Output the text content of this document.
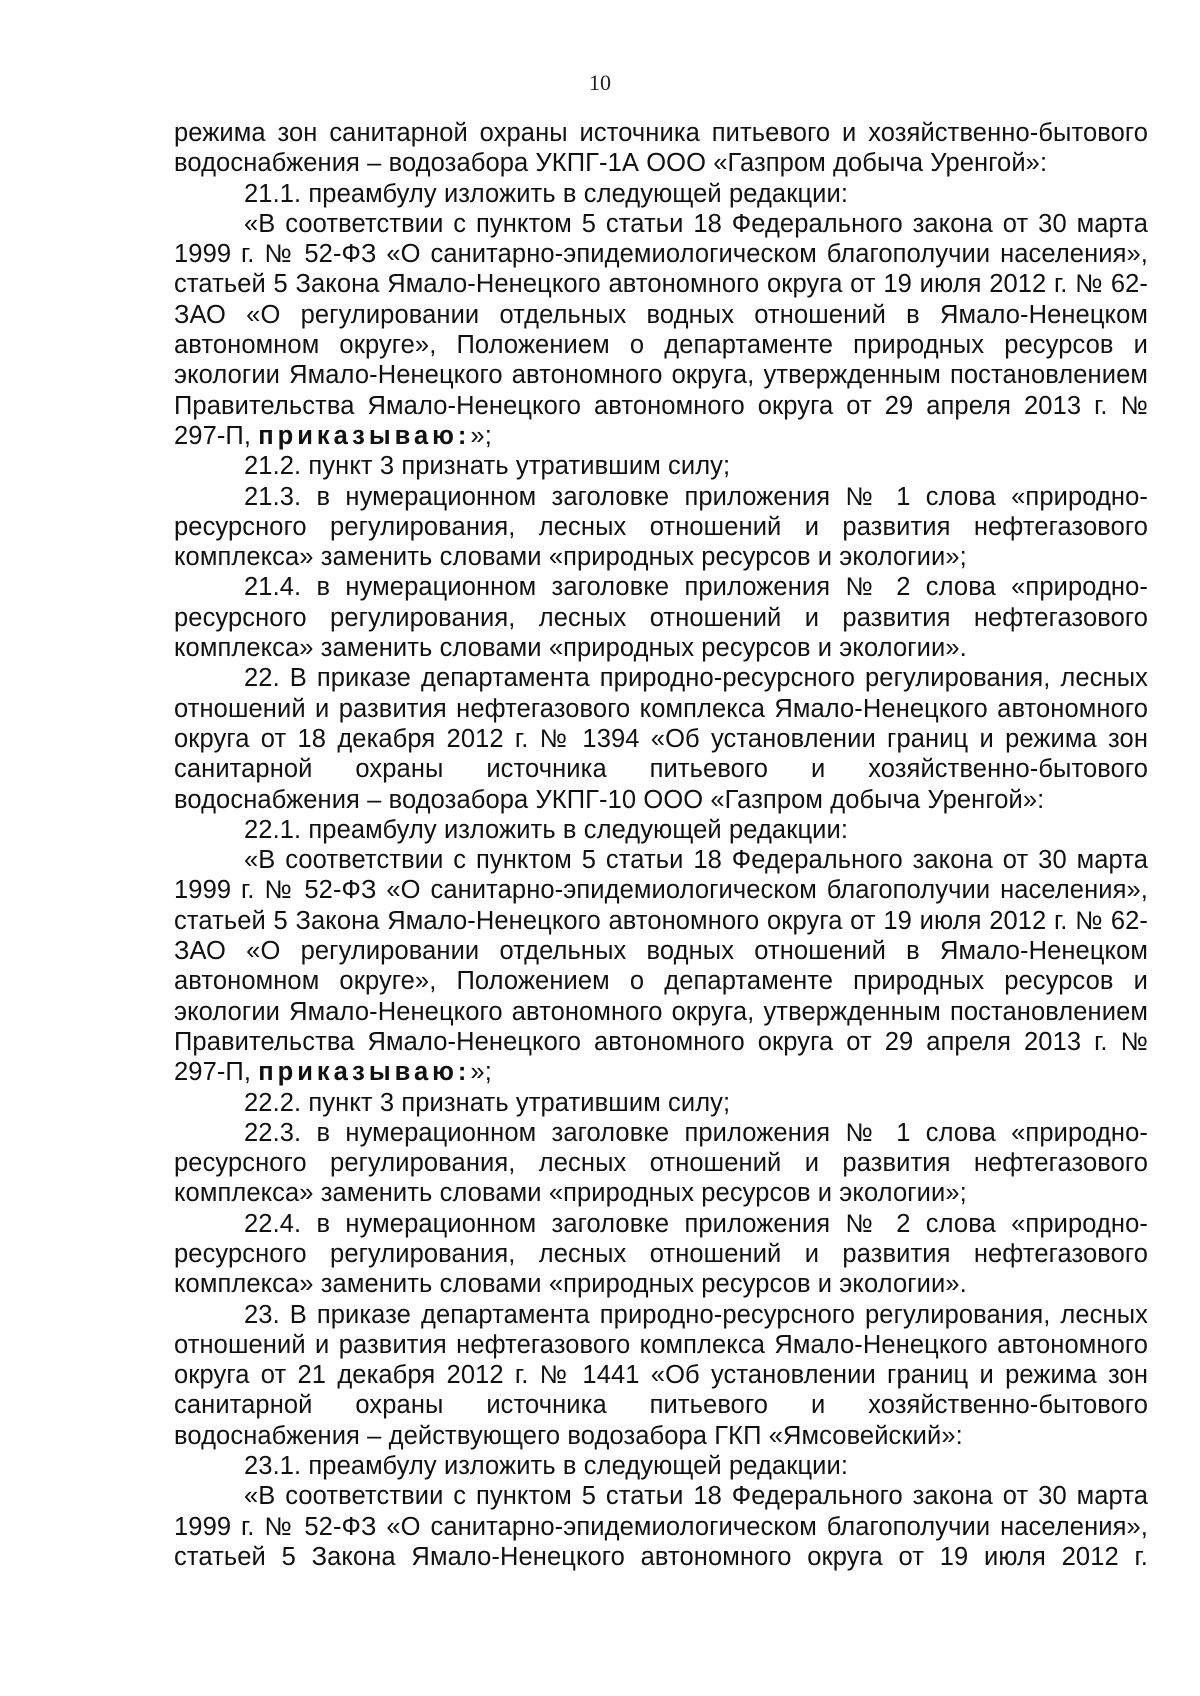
10

режима зон санитарной охраны источника питьевого и хозяйственно-бытового водоснабжения – водозабора УКПГ-1А ООО «Газпром добыча Уренгой»:

21.1. преамбулу изложить в следующей редакции:

«В соответствии с пунктом 5 статьи 18 Федерального закона от 30 марта 1999 г. № 52-ФЗ «О санитарно-эпидемиологическом благополучии населения», статьей 5 Закона Ямало-Ненецкого автономного округа от 19 июля 2012 г. № 62-ЗАО «О регулировании отдельных водных отношений в Ямало-Ненецком автономном округе», Положением о департаменте природных ресурсов и экологии Ямало-Ненецкого автономного округа, утвержденным постановлением Правительства Ямало-Ненецкого автономного округа от 29 апреля 2013 г. № 297-П, приказываю:»;

21.2. пункт 3 признать утратившим силу;

21.3. в нумерационном заголовке приложения № 1 слова «природно-ресурсного регулирования, лесных отношений и развития нефтегазового комплекса» заменить словами «природных ресурсов и экологии»;

21.4. в нумерационном заголовке приложения № 2 слова «природно-ресурсного регулирования, лесных отношений и развития нефтегазового комплекса» заменить словами «природных ресурсов и экологии».

22. В приказе департамента природно-ресурсного регулирования, лесных отношений и развития нефтегазового комплекса Ямало-Ненецкого автономного округа от 18 декабря 2012 г. № 1394 «Об установлении границ и режима зон санитарной охраны источника питьевого и хозяйственно-бытового водоснабжения – водозабора УКПГ-10 ООО «Газпром добыча Уренгой»:

22.1. преамбулу изложить в следующей редакции:

«В соответствии с пунктом 5 статьи 18 Федерального закона от 30 марта 1999 г. № 52-ФЗ «О санитарно-эпидемиологическом благополучии населения», статьей 5 Закона Ямало-Ненецкого автономного округа от 19 июля 2012 г. № 62-ЗАО «О регулировании отдельных водных отношений в Ямало-Ненецком автономном округе», Положением о департаменте природных ресурсов и экологии Ямало-Ненецкого автономного округа, утвержденным постановлением Правительства Ямало-Ненецкого автономного округа от 29 апреля 2013 г. № 297-П, приказываю:»;

22.2. пункт 3 признать утратившим силу;

22.3. в нумерационном заголовке приложения № 1 слова «природно-ресурсного регулирования, лесных отношений и развития нефтегазового комплекса» заменить словами «природных ресурсов и экологии»;

22.4. в нумерационном заголовке приложения № 2 слова «природно-ресурсного регулирования, лесных отношений и развития нефтегазового комплекса» заменить словами «природных ресурсов и экологии».

23. В приказе департамента природно-ресурсного регулирования, лесных отношений и развития нефтегазового комплекса Ямало-Ненецкого автономного округа от 21 декабря 2012 г. № 1441 «Об установлении границ и режима зон санитарной охраны источника питьевого и хозяйственно-бытового водоснабжения – действующего водозабора ГКП «Ямсовейский»:

23.1. преамбулу изложить в следующей редакции:

«В соответствии с пунктом 5 статьи 18 Федерального закона от 30 марта 1999 г. № 52-ФЗ «О санитарно-эпидемиологическом благополучии населения», статьей 5 Закона Ямало-Ненецкого автономного округа от 19 июля 2012 г.
